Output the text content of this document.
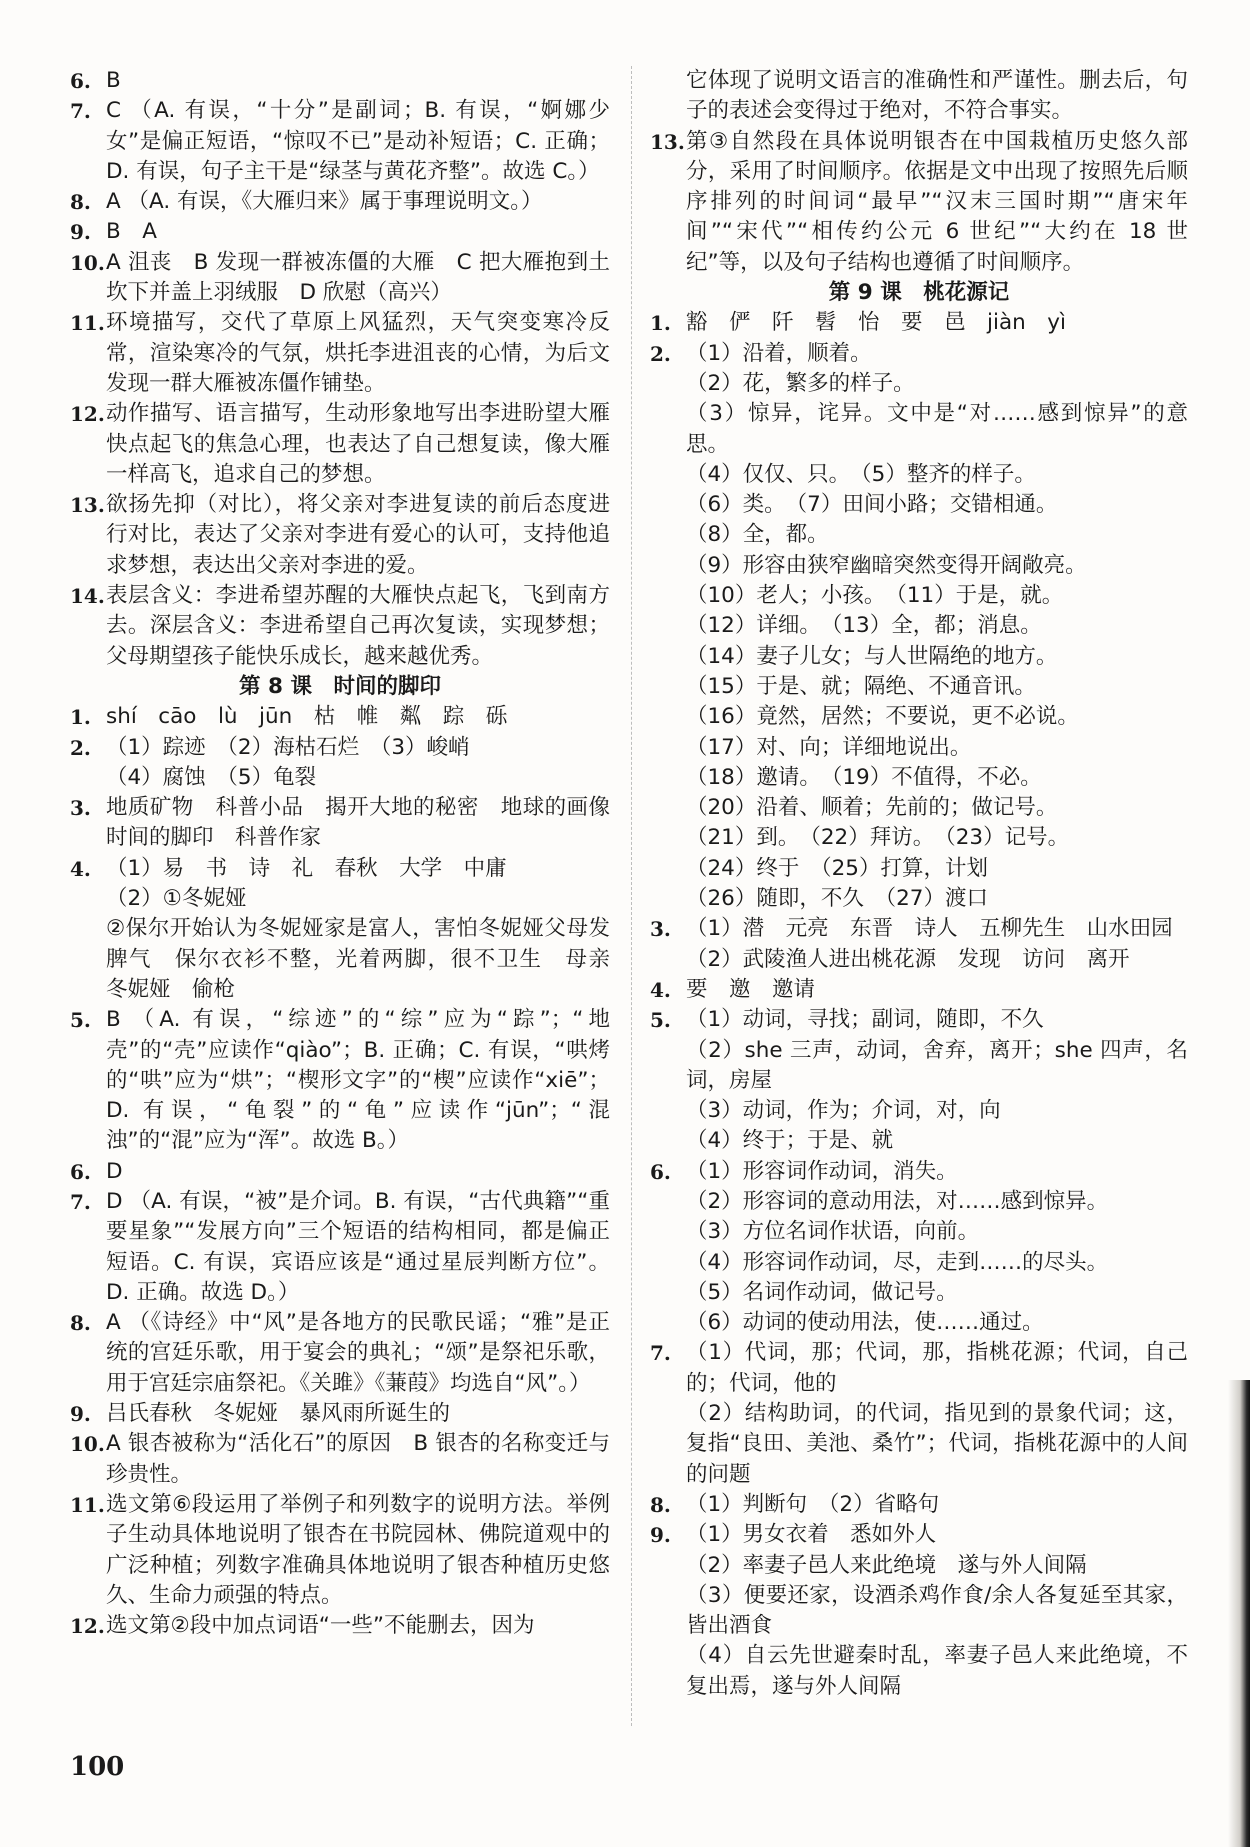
6. B
7. C （A. 有误，“十分”是副词；B. 有误，“婀娜少女”是偏正短语，“惊叹不已”是动补短语；C. 正确；D. 有误，句子主干是“绿茎与黄花齐整”。故选 C。）
8. A （A. 有误，《大雁归来》属于事理说明文。）
9. B　A
10. A 沮丧　B 发现一群被冻僵的大雁　C 把大雁抱到土坎下并盖上羽绒服　D 欣慰（高兴）
11. 环境描写，交代了草原上风猛烈，天气突变寒冷反常，渲染寒冷的气氛，烘托李进沮丧的心情，为后文发现一群大雁被冻僵作铺垫。
12. 动作描写、语言描写，生动形象地写出李进盼望大雁快点起飞的焦急心理，也表达了自己想复读，像大雁一样高飞，追求自己的梦想。
13. 欲扬先抑（对比），将父亲对李进复读的前后态度进行对比，表达了父亲对李进有爱心的认可，支持他追求梦想，表达出父亲对李进的爱。
14. 表层含义：李进希望苏醒的大雁快点起飞，飞到南方去。深层含义：李进希望自己再次复读，实现梦想；父母期望孩子能快乐成长，越来越优秀。
第 8 课　时间的脚印
1. shí　cāo　lù　jūn　枯　帷　粼　踪　砾
2. （1）踪迹　（2）海枯石烂　（3）峻峭
（4）腐蚀　（5）龟裂
3. 地质矿物　科普小品　揭开大地的秘密　地球的画像　时间的脚印　科普作家
4. （1）易　书　诗　礼　春秋　大学　中庸
（2）①冬妮娅
②保尔开始认为冬妮娅家是富人，害怕冬妮娅父母发脾气　保尔衣衫不整，光着两脚，很不卫生　母亲　冬妮娅　偷枪
5. B （A. 有误，“综迹”的“综”应为“踪”；“地壳”的“壳”应读作“qiào”；B. 正确；C. 有误，“哄烤的“哄”应为“烘”；“楔形文字”的“楔”应读作“xiē”；D. 有误，“龟裂”的“龟”应读作“jūn”；“混浊”的“混”应为“浑”。故选 B。）
6. D
7. D （A. 有误，“被”是介词。B. 有误，“古代典籍”“重要星象”“发展方向”三个短语的结构相同，都是偏正短语。C. 有误，宾语应该是“通过星辰判断方位”。D. 正确。故选 D。）
8. A （《诗经》中“风”是各地方的民歌民谣；“雅”是正统的宫廷乐歌，用于宴会的典礼；“颂”是祭祀乐歌，用于宫廷宗庙祭祀。《关雎》《蒹葭》均选自“风”。）
9. 吕氏春秋　冬妮娅　暴风雨所诞生的
10. A 银杏被称为“活化石”的原因　B 银杏的名称变迁与珍贵性。
11. 选文第⑥段运用了举例子和列数字的说明方法。举例子生动具体地说明了银杏在书院园林、佛院道观中的广泛种植；列数字准确具体地说明了银杏种植历史悠久、生命力顽强的特点。
12. 选文第②段中加点词语“一些”不能删去，因为
它体现了说明文语言的准确性和严谨性。删去后，句子的表述会变得过于绝对，不符合事实。
13. 第③自然段在具体说明银杏在中国栽植历史悠久部分，采用了时间顺序。依据是文中出现了按照先后顺序排列的时间词“最早”“汉末三国时期”“唐宋年间”“宋代”“相传约公元 6 世纪”“大约在 18 世纪”等，以及句子结构也遵循了时间顺序。
第 9 课　桃花源记
1. 豁　俨　阡　髫　怡　要　邑　jiàn　yì
2. （1）沿着，顺着。
（2）花，繁多的样子。
（3）惊异，诧异。文中是“对……感到惊异”的意思。
（4）仅仅、只。　（5）整齐的样子。
（6）类。　（7）田间小路；交错相通。
（8）全，都。
（9）形容由狭窄幽暗突然变得开阔敞亮。
（10）老人；小孩。　（11）于是，就。
（12）详细。　（13）全，都；消息。
（14）妻子儿女；与人世隔绝的地方。
（15）于是、就；隔绝、不通音讯。
（16）竟然，居然；不要说，更不必说。
（17）对、向；详细地说出。
（18）邀请。　（19）不值得，不必。
（20）沿着、顺着；先前的；做记号。
（21）到。　（22）拜访。　（23）记号。
（24）终于　（25）打算，计划
（26）随即，不久　（27）渡口
3. （1）潜　元亮　东晋　诗人　五柳先生　山水田园
（2）武陵渔人进出桃花源　发现　访问　离开
4. 要　邀　邀请
5. （1）动词，寻找；副词，随即，不久
（2）she 三声，动词，舍弃，离开；she 四声，名词，房屋
（3）动词，作为；介词，对，向
（4）终于；于是、就
6. （1）形容词作动词，消失。
（2）形容词的意动用法，对……感到惊异。
（3）方位名词作状语，向前。
（4）形容词作动词，尽，走到……的尽头。
（5）名词作动词，做记号。
（6）动词的使动用法，使……通过。
7. （1）代词，那；代词，那，指桃花源；代词，自己的；代词，他的
（2）结构助词，的代词，指见到的景象代词；这，复指“良田、美池、桑竹”；代词，指桃花源中的人间的问题
8. （1）判断句　（2）省略句
9. （1）男女衣着　悉如外人
（2）率妻子邑人来此绝境　遂与外人间隔
（3）便要还家，设酒杀鸡作食/余人各复延至其家，皆出酒食
（4）自云先世避秦时乱，率妻子邑人来此绝境，不复出焉，遂与外人间隔
100
